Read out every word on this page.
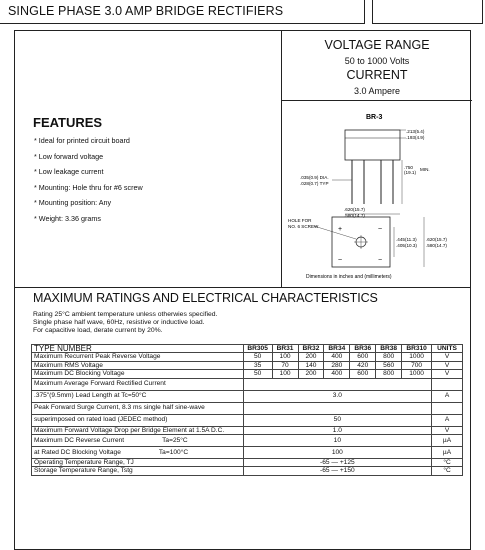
SINGLE PHASE 3.0 AMP BRIDGE RECTIFIERS
VOLTAGE RANGE
50 to 1000 Volts
CURRENT
3.0 Ampere
FEATURES
* Ideal for printed circuit board
* Low forward voltage
* Low leakage current
* Mounting: Hole thru for #6 screw
* Mounting position: Any
* Weight: 3.36 grams
BR-3
.213(5.4)
.193(4.9)
.750
(19.1)
MIN.
.035(0.9) DIA.
.028(0.7) TYP
.620(15.7)
.580(14.7)
+	~
~	−
HOLE FOR
NO. 6 SCREW
.445(11.3)
.405(10.3)
.620(15.7)
.580(14.7)
Dimensions in inches and (millimeters)
MAXIMUM RATINGS AND ELECTRICAL CHARACTERISTICS
Rating 25°C ambient temperature unless otherwies specified.
Single phase half wave, 60Hz, resistive or inductive load.
For capacitive load, derate current by 20%.
TYPE NUMBER	BR305	BR31	BR32	BR34	BR36	BR38	BR310	UNITS
Maximum Recurrent Peak Reverse Voltage	50	100	200	400	600	800	1000	V
Maximum RMS Voltage	35	70	140	280	420	560	700	V
Maximum DC Blocking Voltage	50	100	200	400	600	800	1000	V
Maximum Average Forward Rectified Current								
.375"(9.5mm) Lead Length at Tc=50°C	3.0							A
Peak Forward Surge Current, 8.3 ms single half sine-wave								
superimposed on rated load (JEDEC method)	50							A
Maximum Forward Voltage Drop per Bridge Element at 1.5A D.C.	1.0							V
Maximum DC Reverse Current Ta=25°C	10							µA
at Rated DC Blocking Voltage Ta=100°C	100							µA
Operating Temperature Range, TJ	-65 — +125							°C
Storage Temperature Range, Tstg	-65 — +150							°C
